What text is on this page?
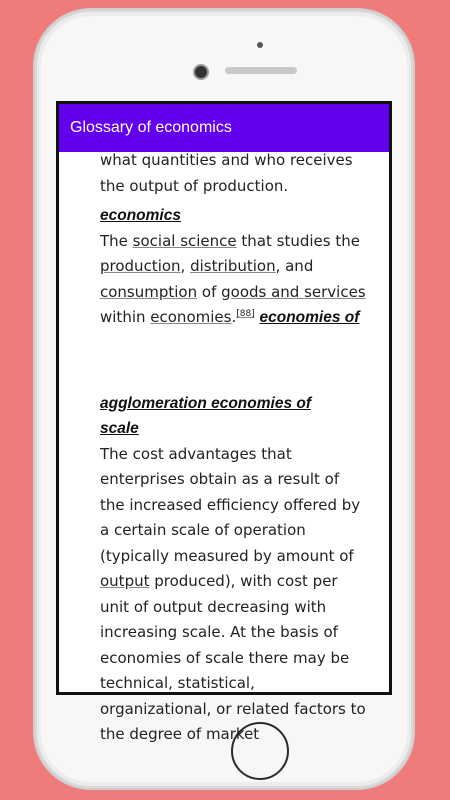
Glossary of economics

what quantities and who receives the output of production.

economics

The social science that studies the production, distribution, and consumption of goods and services within economies.[88] economies of

agglomeration economies of scale

The cost advantages that enterprises obtain as a result of the increased efficiency offered by a certain scale of operation (typically measured by amount of output produced), with cost per unit of output decreasing with increasing scale. At the basis of economies of scale there may be technical, statistical, organizational, or related factors to the degree of market
